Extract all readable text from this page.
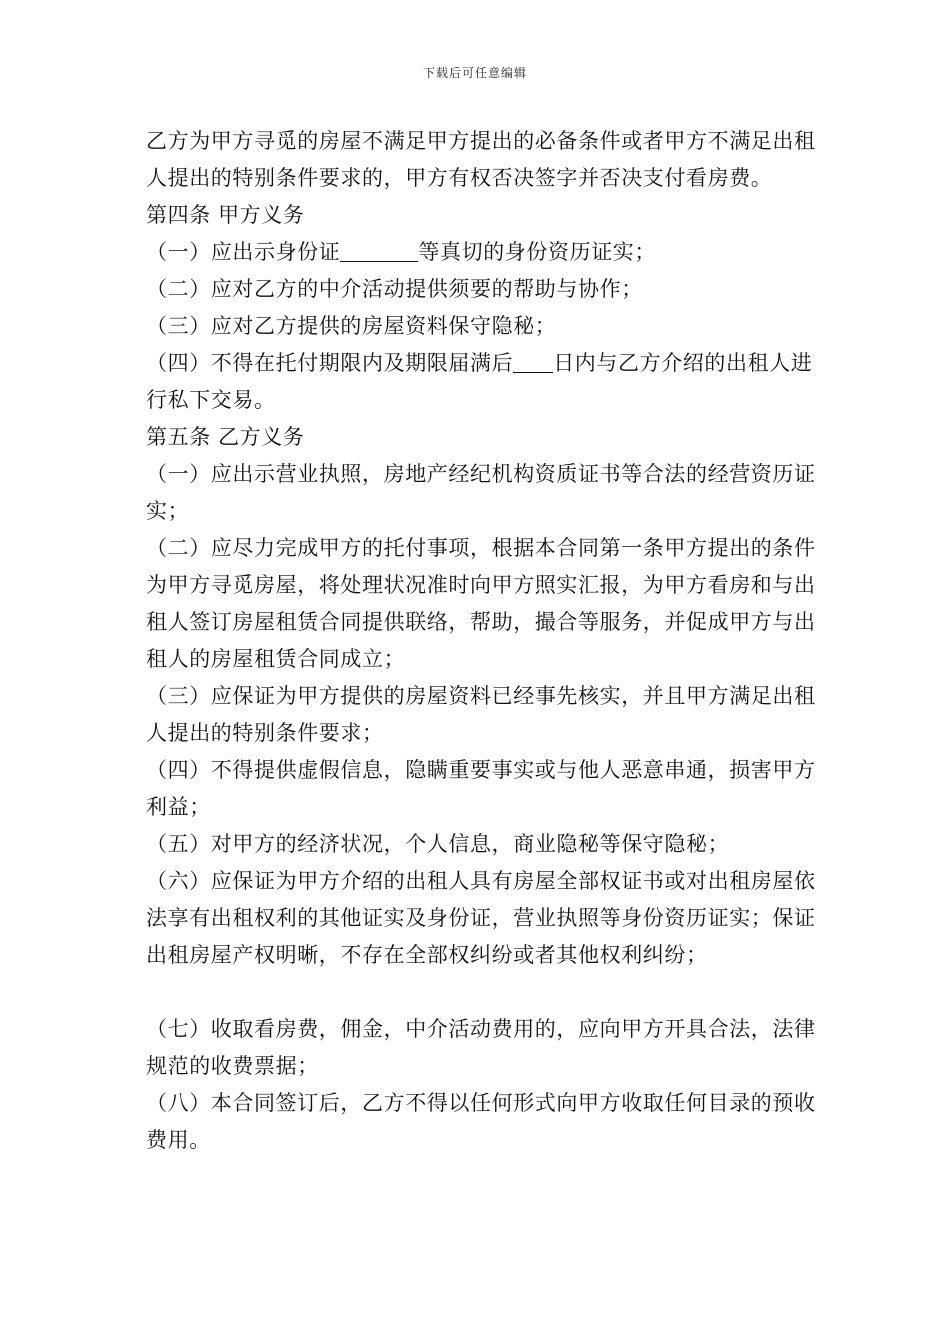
下载后可任意编辑

乙方为甲方寻觅的房屋不满足甲方提出的必备条件或者甲方不满足出租人提出的特别条件要求的，甲方有权否决签字并否决支付看房费。

第四条 甲方义务

（一）应出示身份证	等真切的身份资历证实；

（二）应对乙方的中介活动提供须要的帮助与协作；

（三）应对乙方提供的房屋资料保守隐秘；

（四）不得在托付期限内及期限届满后 日内与乙方介绍的出租人进行私下交易。

第五条 乙方义务

（一）应出示营业执照，房地产经纪机构资质证书等合法的经营资历证实；

（二）应尽力完成甲方的托付事项，根据本合同第一条甲方提出的条件为甲方寻觅房屋，将处理状况准时向甲方照实汇报，为甲方看房和与出租人签订房屋租赁合同提供联络，帮助，撮合等服务，并促成甲方与出租人的房屋租赁合同成立；

（三）应保证为甲方提供的房屋资料已经事先核实，并且甲方满足出租人提出的特别条件要求；

（四）不得提供虚假信息，隐瞒重要事实或与他人恶意串通，损害甲方利益；

（五）对甲方的经济状况，个人信息，商业隐秘等保守隐秘；

（六）应保证为甲方介绍的出租人具有房屋全部权证书或对出租房屋依法享有出租权利的其他证实及身份证，营业执照等身份资历证实；保证出租房屋产权明晰，不存在全部权纠纷或者其他权利纠纷；

（七）收取看房费，佣金，中介活动费用的，应向甲方开具合法，法律规范的收费票据；

（八）本合同签订后，乙方不得以任何形式向甲方收取任何目录的预收费用。
